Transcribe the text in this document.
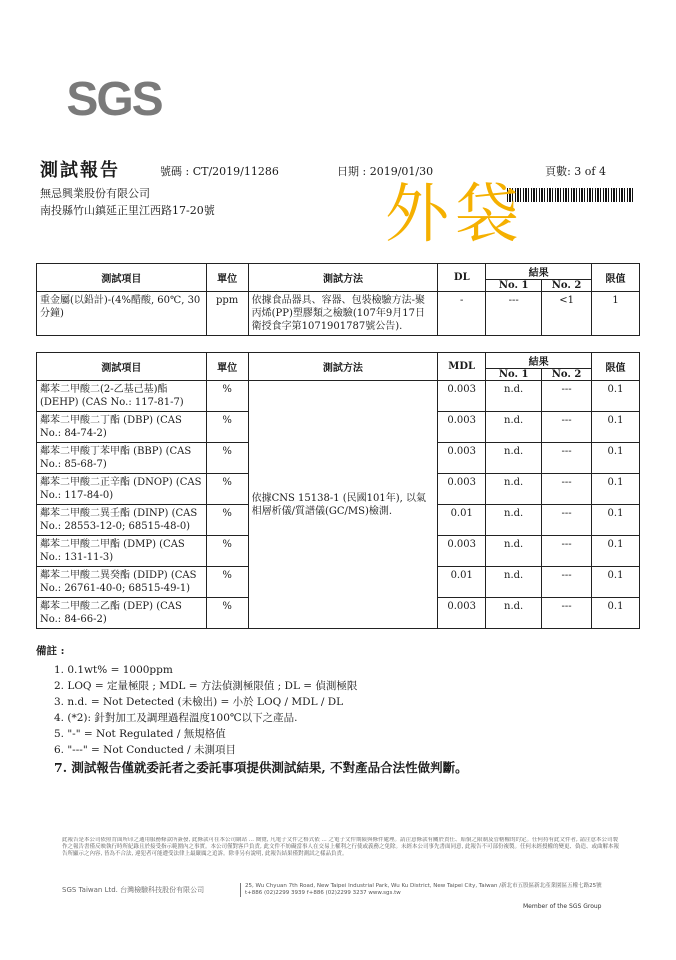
SGS
測試報告	號碼 : CT/2019/11286	日期 : 2019/01/30	頁數: 3 of 4
無忌興業股份有限公司
南投縣竹山鎮延正里江西路17-20號	外袋
測試項目	單位	測試方法	DL	結果		限值
				No. 1	No. 2	
重金屬(以鉛計)-(4%醋酸, 60℃, 30分鐘)	ppm	依據食品器具、容器、包裝檢驗方法-聚丙烯(PP)塑膠類之檢驗(107年9月17日衛授食字第1071901787號公告).	-	---	<1	1
測試項目	單位	測試方法	MDL	結果		限值
				No. 1	No. 2	
鄰苯二甲酸二(2-乙基己基)酯 (DEHP) (CAS No.: 117-81-7)	%	依據CNS 15138-1 (民國101年), 以氣相層析儀/質譜儀(GC/MS)檢測.	0.003	n.d.	---	0.1
鄰苯二甲酸二丁酯 (DBP) (CAS No.: 84-74-2)	%		0.003	n.d.	---	0.1
鄰苯二甲酸丁苯甲酯 (BBP) (CAS No.: 85-68-7)	%		0.003	n.d.	---	0.1
鄰苯二甲酸二正辛酯 (DNOP) (CAS No.: 117-84-0)	%		0.003	n.d.	---	0.1
鄰苯二甲酸二異壬酯 (DINP) (CAS No.: 28553-12-0; 68515-48-0)	%		0.01	n.d.	---	0.1
鄰苯二甲酸二甲酯 (DMP) (CAS No.: 131-11-3)	%		0.003	n.d.	---	0.1
鄰苯二甲酸二異癸酯 (DIDP) (CAS No.: 26761-40-0; 68515-49-1)	%		0.01	n.d.	---	0.1
鄰苯二甲酸二乙酯 (DEP) (CAS No.: 84-66-2)	%		0.003	n.d.	---	0.1
備註 :
1. 0.1wt% = 1000ppm
2. LOQ = 定量極限 ; MDL = 方法偵測極限值 ; DL = 偵測極限
3. n.d. = Not Detected (未檢出) = 小於 LOQ / MDL / DL
4. (*2): 針對加工及調理過程溫度100℃以下之產品.
5. "-" = Not Regulated / 無規格值
6. "---" = Not Conducted / 未測項目
7. 測試報告僅就委託者之委託事項提供測試結果, 不對產品合法性做判斷。
此報告是本公司依照背面所印之通用服務條款所簽發, 此條款可在本公司網站 ... 閱覽, 凡電子文件之格式依 ... 之電子文件期限與條件處理。請注意條款有關於責任、賠償之限制及管轄權的約定。任何持有此文件者, 請注意本公司製作之報告書僅反映執行時所紀錄且於接受指示範圍內之事實。本公司僅對客戶負責, 此文件不妨礙當事人在交易上權利之行使或義務之免除。未經本公司事先書面同意, 此報告不可部份複製。任何未經授權的變更、偽造、或曲解本報告所顯示之內容, 皆為不合法, 違犯者可能遭受法律上最嚴厲之追訴。除非另有說明, 此報告結果僅對測試之樣品負責。
SGS Taiwan Ltd. 台灣檢驗科技股份有限公司	25, Wu Chyuan 7th Road, New Taipei Industrial Park, Wu Ku District, New Taipei City, Taiwan /新北市五股區新北產業園區五權七路25號
t+886 (02)2299 3939 f+886 (02)2299 3237 www.sgs.tw
Member of the SGS Group
